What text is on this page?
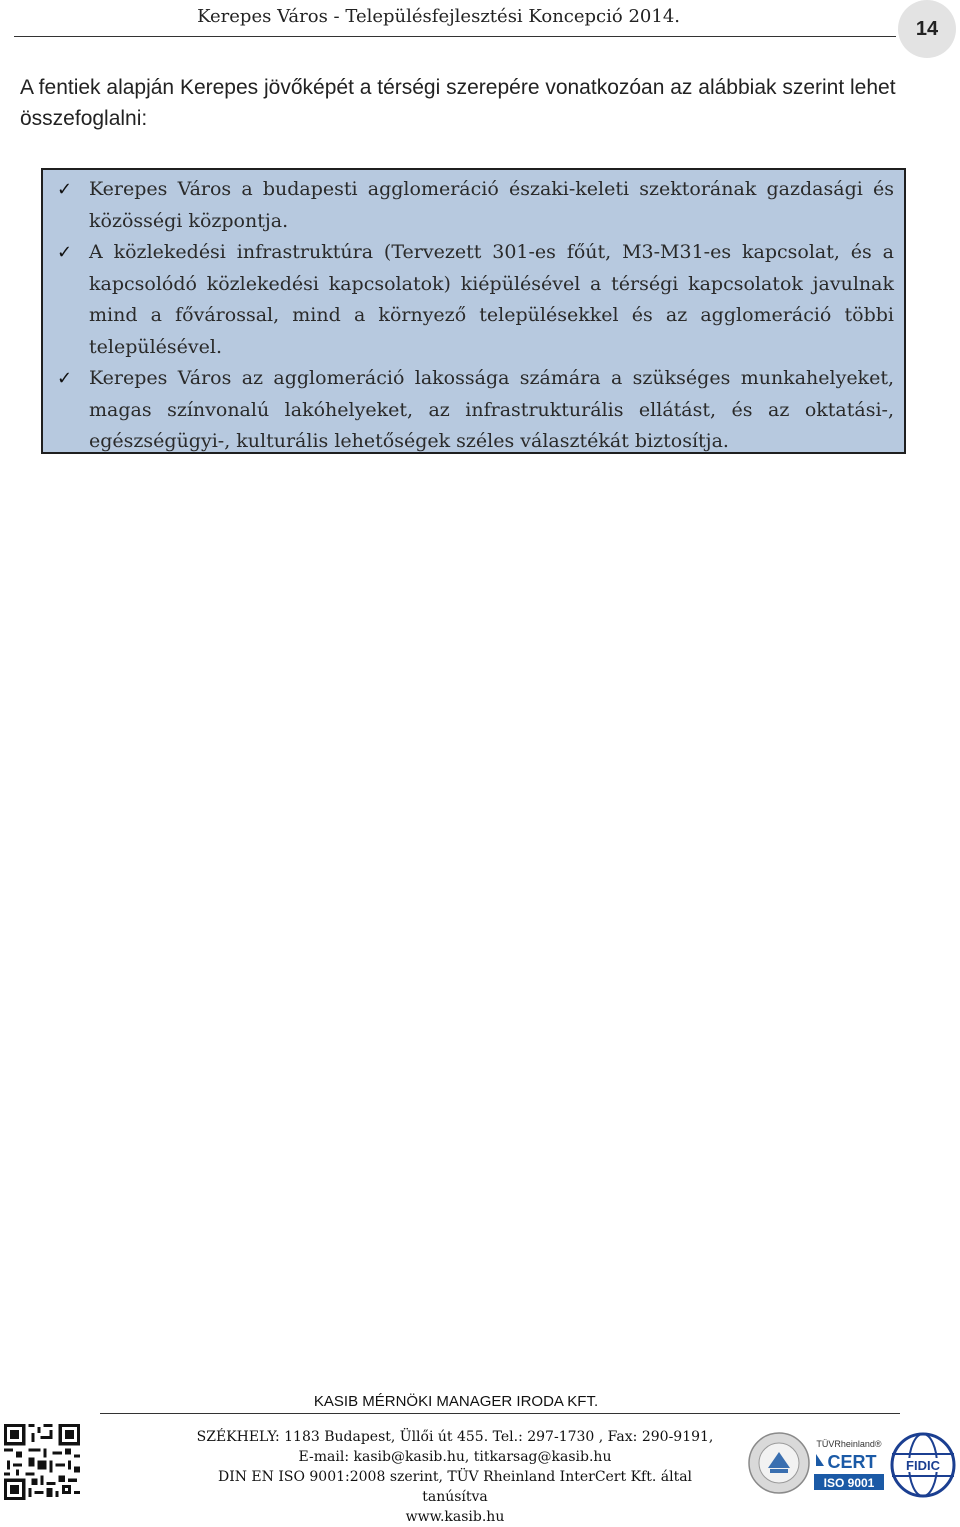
Kerepes Város - Településfejlesztési Koncepció 2014.
14
A fentiek alapján Kerepes jövőképét a térségi szerepére vonatkozóan az alábbiak szerint lehet összefoglalni:
✓ Kerepes Város a budapesti agglomeráció északi-keleti szektorának gazdasági és közösségi központja.
✓ A közlekedési infrastruktúra (Tervezett 301-es főút, M3-M31-es kapcsolat, és a kapcsolódó közlekedési kapcsolatok) kiépülésével a térségi kapcsolatok javulnak mind a fővárossal, mind a környező településekkel és az agglomeráció többi településével.
✓ Kerepes Város az agglomeráció lakossága számára a szükséges munkahelyeket, magas színvonalú lakóhelyeket, az infrastrukturális ellátást, és az oktatási-, egészségügyi-, kulturális lehetőségek széles választékát biztosítja.
KASIB MÉRNÖKI MANAGER IRODA KFT.
SZÉKHELY: 1183 Budapest, Üllői út 455. Tel.: 297-1730 , Fax: 290-9191,
E-mail: kasib@kasib.hu, titkarsag@kasib.hu
DIN EN ISO 9001:2008 szerint, TÜV Rheinland InterCert Kft. által tanúsítva
www.kasib.hu
TÜVRheinland®
CERT
ISO 9001
FIDIC
